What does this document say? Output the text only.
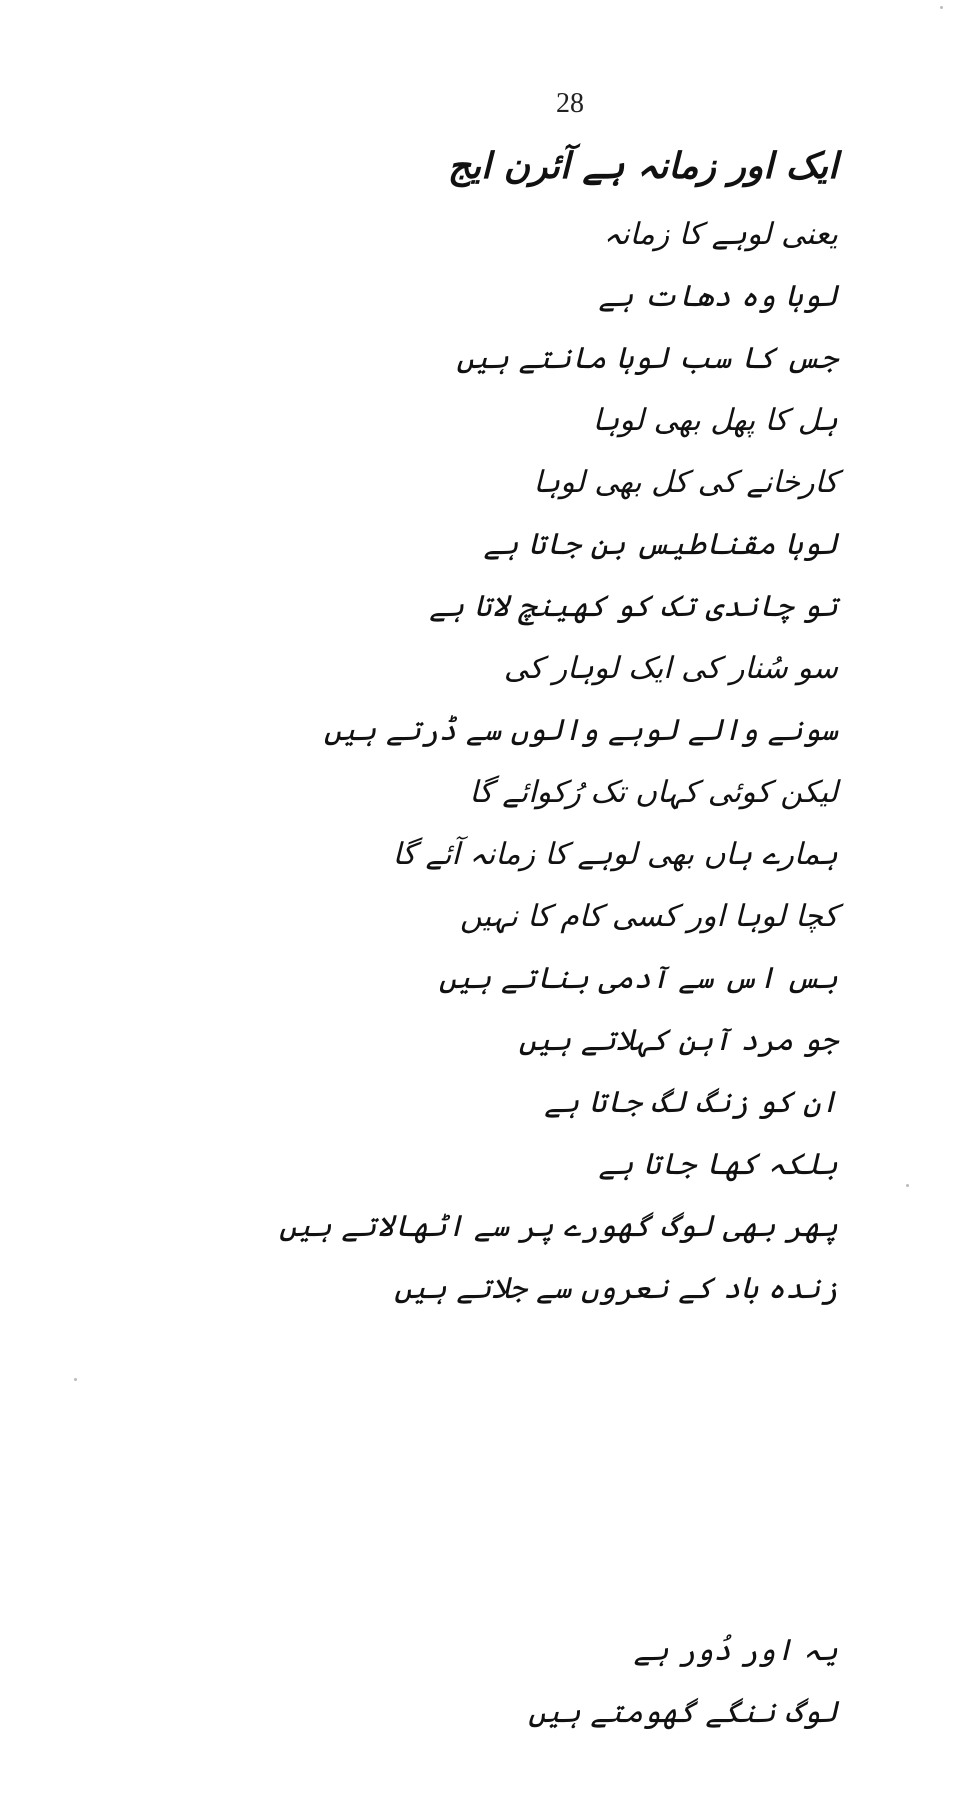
28
ایک اور زمانہ ہے آئرن ایج
یعنی لوہے کا زمانہ
لوہا وہ دھات ہے
جس کا سب لوہا مانتے ہیں
ہل کا پھل بھی لوہا
کارخانے کی کل بھی لوہا
لوہا مقناطیس بن جاتا ہے
تو چاندی تک کو کھینچ لاتا ہے
سو سُنار کی ایک لوہار کی
سونے والے لوہے والوں سے ڈرتے ہیں
لیکن کوئی کہاں تک رُکوائے گا
ہمارے ہاں بھی لوہے کا زمانہ آئے گا
کچا لوہا اور کسی کام کا نہیں
بس اس سے آدمی بناتے ہیں
جو مرد آہن کہلاتے ہیں
ان کو زنگ لگ جاتا ہے
بلکہ کھا جاتا ہے
پھر بھی لوگ گھورے پر سے اٹھالاتے ہیں
زندہ باد کے نعروں سے جلاتے ہیں
یہ اور دُور ہے
لوگ ننگے گھومتے ہیں
